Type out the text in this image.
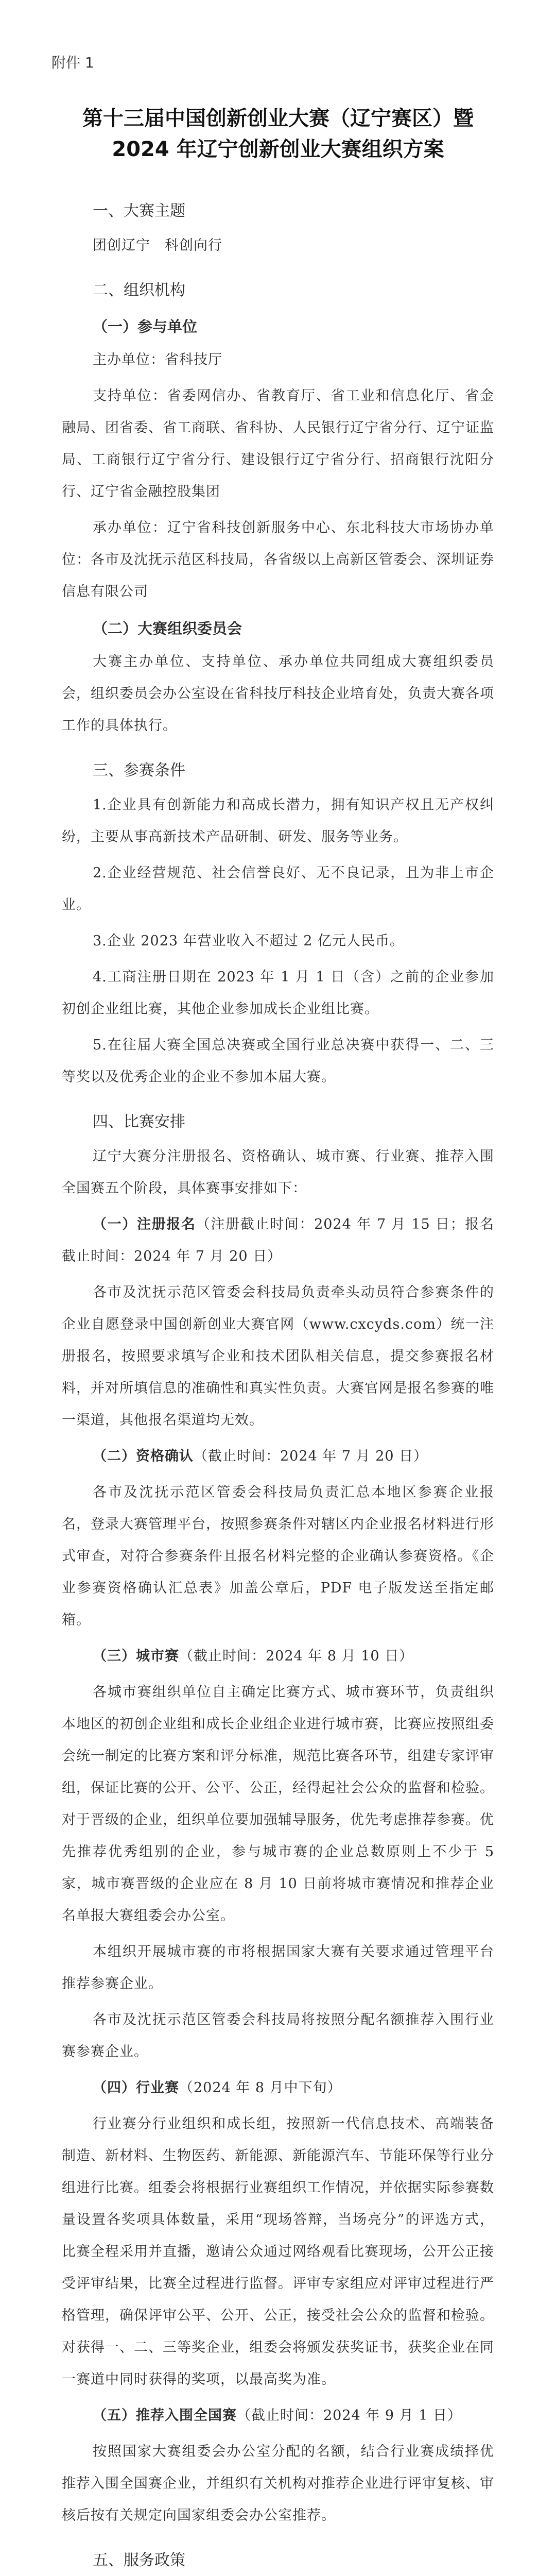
附件 1
第十三届中国创新创业大赛（辽宁赛区）暨
2024 年辽宁创新创业大赛组织方案
一、大赛主题
团创辽宁　科创向行
二、组织机构
（一）参与单位
主办单位：省科技厅
支持单位：省委网信办、省教育厅、省工业和信息化厅、省金融局、团省委、省工商联、省科协、人民银行辽宁省分行、辽宁证监局、工商银行辽宁省分行、建设银行辽宁省分行、招商银行沈阳分行、辽宁省金融控股集团
承办单位：辽宁省科技创新服务中心、东北科技大市场协办单位：各市及沈抚示范区科技局，各省级以上高新区管委会、深圳证券信息有限公司
（二）大赛组织委员会
大赛主办单位、支持单位、承办单位共同组成大赛组织委员会，组织委员会办公室设在省科技厅科技企业培育处，负责大赛各项工作的具体执行。
三、参赛条件
1.企业具有创新能力和高成长潜力，拥有知识产权且无产权纠纷，主要从事高新技术产品研制、研发、服务等业务。
2.企业经营规范、社会信誉良好、无不良记录，且为非上市企业。
3.企业 2023 年营业收入不超过 2 亿元人民币。
4.工商注册日期在 2023 年 1 月 1 日（含）之前的企业参加初创企业组比赛，其他企业参加成长企业组比赛。
5.在往届大赛全国总决赛或全国行业总决赛中获得一、二、三等奖以及优秀企业的企业不参加本届大赛。
四、比赛安排
辽宁大赛分注册报名、资格确认、城市赛、行业赛、推荐入围全国赛五个阶段，具体赛事安排如下：
（一）注册报名（注册截止时间：2024 年 7 月 15 日；报名截止时间：2024 年 7 月 20 日）
各市及沈抚示范区管委会科技局负责牵头动员符合参赛条件的企业自愿登录中国创新创业大赛官网（www.cxcyds.com）统一注册报名，按照要求填写企业和技术团队相关信息，提交参赛报名材料，并对所填信息的准确性和真实性负责。大赛官网是报名参赛的唯一渠道，其他报名渠道均无效。
（二）资格确认（截止时间：2024 年 7 月 20 日）
各市及沈抚示范区管委会科技局负责汇总本地区参赛企业报名，登录大赛管理平台，按照参赛条件对辖区内企业报名材料进行形式审查，对符合参赛条件且报名材料完整的企业确认参赛资格。《企业参赛资格确认汇总表》加盖公章后，PDF 电子版发送至指定邮箱。
（三）城市赛（截止时间：2024 年 8 月 10 日）
各城市赛组织单位自主确定比赛方式、城市赛环节，负责组织本地区的初创企业组和成长企业组企业进行城市赛，比赛应按照组委会统一制定的比赛方案和评分标准，规范比赛各环节，组建专家评审组，保证比赛的公开、公平、公正，经得起社会公众的监督和检验。对于晋级的企业，组织单位要加强辅导服务，优先考虑推荐参赛。优先推荐优秀组别的企业，参与城市赛的企业总数原则上不少于 5 家，城市赛晋级的企业应在 8 月 10 日前将城市赛情况和推荐企业名单报大赛组委会办公室。
本组织开展城市赛的市将根据国家大赛有关要求通过管理平台推荐参赛企业。
各市及沈抚示范区管委会科技局将按照分配名额推荐入围行业赛参赛企业。
（四）行业赛（2024 年 8 月中下旬）
行业赛分行业组织和成长组，按照新一代信息技术、高端装备制造、新材料、生物医药、新能源、新能源汽车、节能环保等行业分组进行比赛。组委会将根据行业赛组织工作情况，并依据实际参赛数量设置各奖项具体数量，采用“现场答辩，当场亮分”的评选方式，比赛全程采用并直播，邀请公众通过网络观看比赛现场，公开公正接受评审结果，比赛全过程进行监督。评审专家组应对评审过程进行严格管理，确保评审公平、公开、公正，接受社会公众的监督和检验。对获得一、二、三等奖企业，组委会将颁发获奖证书，获奖企业在同一赛道中同时获得的奖项，以最高奖为准。
（五）推荐入围全国赛（截止时间：2024 年 9 月 1 日）
按照国家大赛组委会办公室分配的名额，结合行业赛成绩择优推荐入围全国赛企业，并组织有关机构对推荐企业进行评审复核、审核后按有关规定向国家组委会办公室推荐。
五、服务政策
